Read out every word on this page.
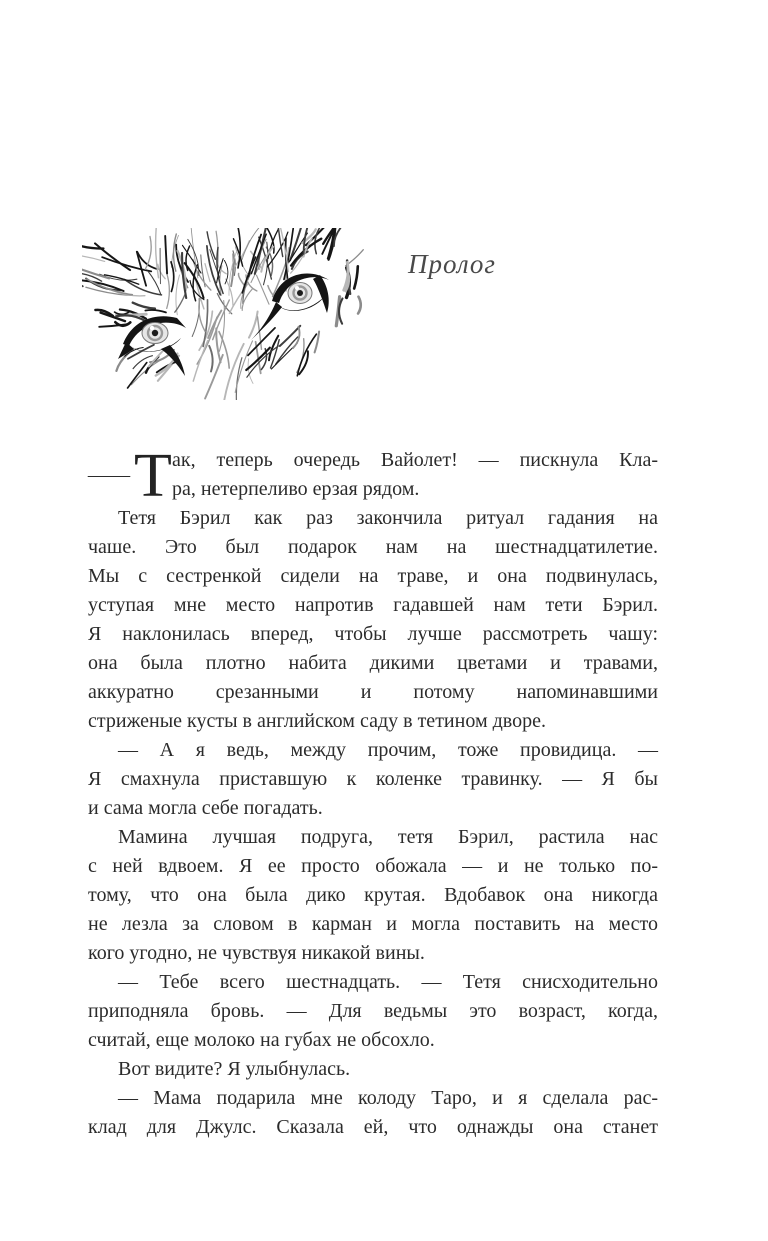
Пролог
— Т ак, теперь очередь Вайолет! — пискнула Кла-
ра, нетерпеливо ерзая рядом.
Тетя Бэрил как раз закончила ритуал гадания на
чаше. Это был подарок нам на шестнадцатилетие.
Мы с сестренкой сидели на траве, и она подвинулась,
уступая мне место напротив гадавшей нам тети Бэрил.
Я наклонилась вперед, чтобы лучше рассмотреть чашу:
она была плотно набита дикими цветами и травами,
аккуратно срезанными и потому напоминавшими
стриженые кусты в английском саду в тетином дворе.
— А я ведь, между прочим, тоже провидица. —
Я смахнула приставшую к коленке травинку. — Я бы
и сама могла себе погадать.
Мамина лучшая подруга, тетя Бэрил, растила нас
с ней вдвоем. Я ее просто обожала — и не только по-
тому, что она была дико крутая. Вдобавок она никогда
не лезла за словом в карман и могла поставить на место
кого угодно, не чувствуя никакой вины.
— Тебе всего шестнадцать. — Тетя снисходительно
приподняла бровь. — Для ведьмы это возраст, когда,
считай, еще молоко на губах не обсохло.
Вот видите? Я улыбнулась.
— Мама подарила мне колоду Таро, и я сделала рас-
клад для Джулс. Сказала ей, что однажды она станет
